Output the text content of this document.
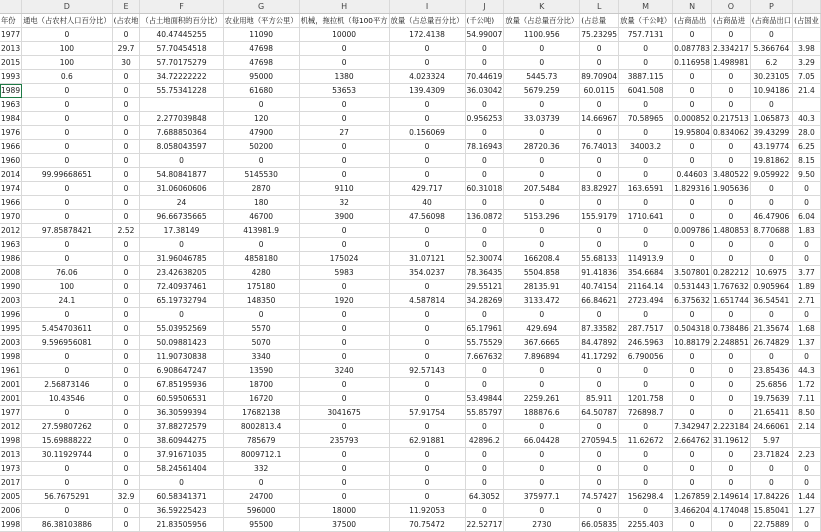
	D	E	F	G	H	I	J	K	L	M	N	O	P	
年份	通电（占农村人口百分比）	(占农地	（占土地面积的百分比）	农业用地（平方公里）	机械，拖拉机（每100平方	放量（占总量百分比）	(千公吨)	放量（占总量百分比）	(占总量	放量（千公吨）	(占商品出	(占商品进	(占商品出口	(占国业
1977	0	0	40.47445255	11090	10000	172.4138	54.99007	1100.956	75.23295	757.7131	0	0	0	
2013	100	29.7	57.70454518	47698	0	0	0	0	0	0	0.087783	2.334217	5.366764	3.98
2015	100	30	57.70175279	47698	0	0	0	0	0	0	0.116958	1.498981	6.2	3.29
1993	0.6	0	34.72222222	95000	1380	4.023324	70.44619	5445.73	89.70904	3887.115	0	0	30.23105	7.05
1989	0	0	55.75341228	61680	53653	139.4309	36.03042	5679.259	60.0115	6041.508	0	0	10.94186	21.4
1963	0	0		0	0	0	0	0	0	0	0	0	0	
1984	0	0	2.277039848	120	0	0	0.956253	33.03739	14.66967	70.58965	0.000852	0.217513	1.065873	40.3
1976	0	0	7.688850364	47900	27	0.156069	0	0	0	0	19.95804	0.834062	39.43299	28.0
1966	0	0	8.058043597	50200	0	0	78.16943	28720.36	76.74013	34003.2	0	0	43.19774	6.25
1960	0	0	0	0	0	0	0	0	0	0	0	0	19.81862	8.15
2014	99.99668651	0	54.80841877	5145530	0	0	0	0	0	0	0.44603	3.480522	9.059922	9.50
1974	0	0	31.06060606	2870	9110	429.717	60.31018	207.5484	83.82927	163.6591	1.829316	1.905636	0	0
1966	0	0	24	180	32	40	0	0	0	0	0	0	0	0
1970	0	0	96.66735665	46700	3900	47.56098	136.0872	5153.296	155.9179	1710.641	0	0	46.47906	6.04
2012	97.85878421	2.52	17.38149	413981.9	0	0	0	0	0	0	0.009786	1.480853	8.770688	1.83
1963	0	0	0	0	0	0	0	0	0	0	0	0	0	0
1986	0	0	31.96046785	4858180	175024	31.07121	52.30074	166208.4	55.68133	114913.9	0	0	0	0
2008	76.06	0	23.42638205	4280	5983	354.0237	78.36435	5504.858	91.41836	354.6684	3.507801	0.282212	10.6975	3.77
1990	100	0	72.40937461	175180	0	0	29.55121	28135.91	40.74154	21164.14	0.531443	1.767632	0.905964	1.89
2003	24.1	0	65.19732794	148350	1920	4.587814	34.28269	3133.472	66.84621	2723.494	6.375632	1.651744	36.54541	2.71
1996	0	0	0	0	0	0	0	0	0	0	0	0	0	0
1995	5.454703611	0	55.03952569	5570	0	0	65.17961	429.694	87.33582	287.7517	0.504318	0.738486	21.35674	1.68
2003	9.596956081	0	50.09881423	5070	0	0	55.75529	367.6665	84.47892	246.5963	10.88179	2.248851	26.74829	1.37
1998	0	0	11.90730838	3340	0	0	7.667632	7.896894	41.17292	6.790056	0	0	0	0
1961	0	0	6.908647247	13590	3240	92.57143	0	0	0	0	0	0	23.85436	44.3
2001	2.56873146	0	67.85195936	18700	0	0	0	0	0	0	0	0	25.6856	1.72
2001	10.43546	0	60.59506531	16720	0	0	53.49844	2259.261	85.911	1201.758	0	0	19.75639	7.11
1977	0	0	36.30599394	17682138	3041675	57.91754	55.85797	188876.6	64.50787	726898.7	0	0	21.65411	8.50
2012	27.59807262	0	37.88272579	8002813.4	0	0	0	0	0	0	7.342947	2.223184	24.66061	2.14
1998	15.69888222	0	38.60944275	785679	235793	62.91881	42896.2	66.04428	270594.5	11.62672	2.664762	31.19612	5.97	
2013	30.11929744	0	37.91671035	8009712.1	0	0	0	0	0	0	0	0	23.71824	2.23
1973	0	0	58.24561404	332	0	0	0	0	0	0	0	0	0	0
2017	0	0	0	0	0	0	0	0	0	0	0	0	0	0
2005	56.7675291	32.9	60.58341371	24700	0	0	64.3052	375977.1	74.57427	156298.4	1.267859	2.149614	17.84226	1.44
2006	0	0	36.59225423	596000	18000	11.92053	0	0	0	0	3.466204	4.174048	15.85041	1.27
1998	86.38103886	0	21.83505956	95500	37500	70.75472	22.52717	2730	66.05835	2255.403	0	0	22.75889	0
